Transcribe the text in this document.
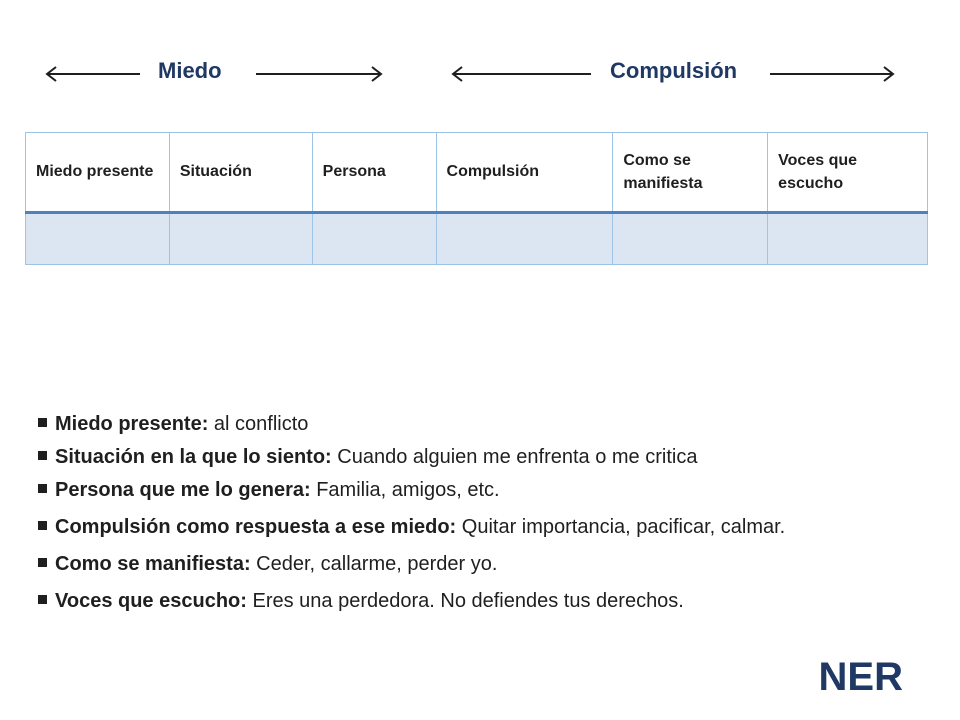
Miedo	Compulsión
Miedo presente	Situación	Persona	Compulsión	Como se manifiesta	Voces que escucho

Miedo presente: al conflicto
Situación en la que lo siento: Cuando alguien me enfrenta o me critica
Persona que me lo genera: Familia, amigos, etc.
Compulsión como respuesta a ese miedo: Quitar importancia, pacificar, calmar.
Como se manifiesta: Ceder, callarme, perder yo.
Voces que escucho: Eres una perdedora. No defiendes tus derechos.
NER
